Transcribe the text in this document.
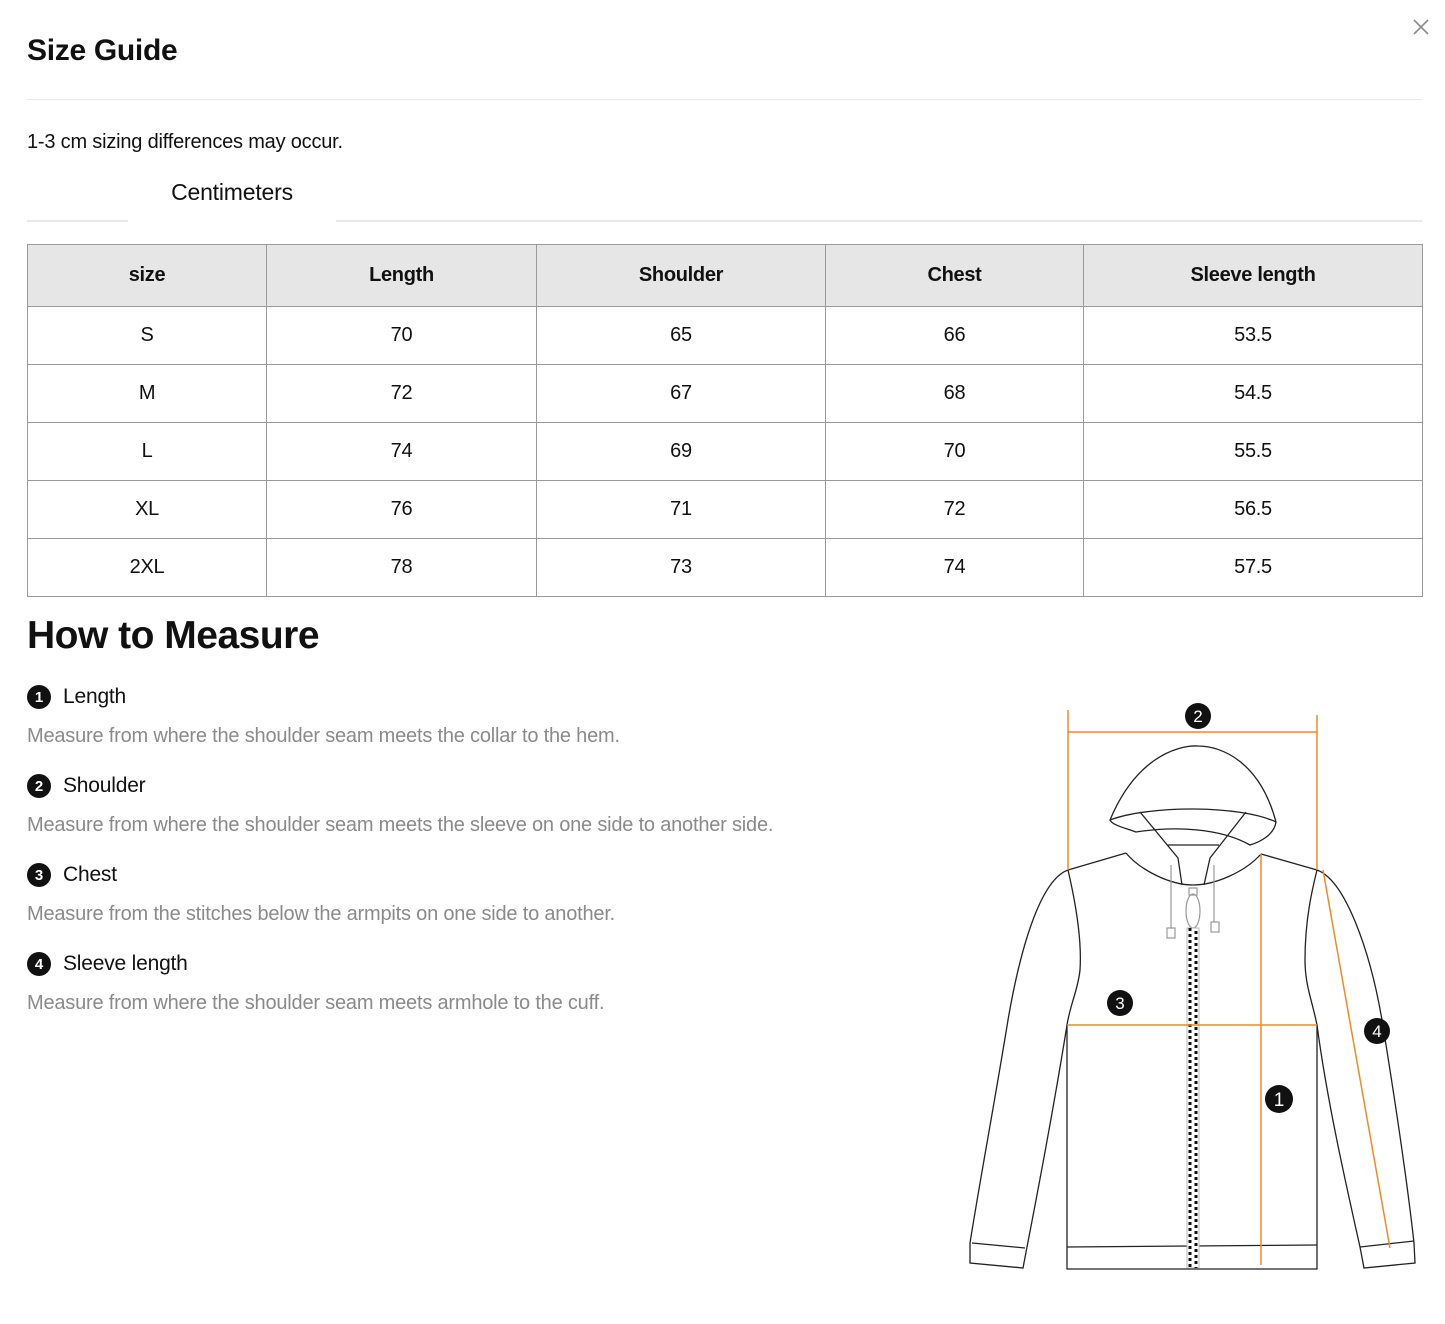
Size Guide

1-3 cm sizing differences may occur.

Centimeters
size	Length	Shoulder	Chest	Sleeve length
S	70	65	66	53.5
M	72	67	68	54.5
L	74	69	70	55.5
XL	76	71	72	56.5
2XL	78	73	74	57.5
How to Measure
1 Length

Measure from where the shoulder seam meets the collar to the hem.

2 Shoulder

Measure from where the shoulder seam meets the sleeve on one side to another side.

3 Chest

Measure from the stitches below the armpits on one side to another.

4 Sleeve length

Measure from where the shoulder seam meets armhole to the cuff.

2
3
1
4
